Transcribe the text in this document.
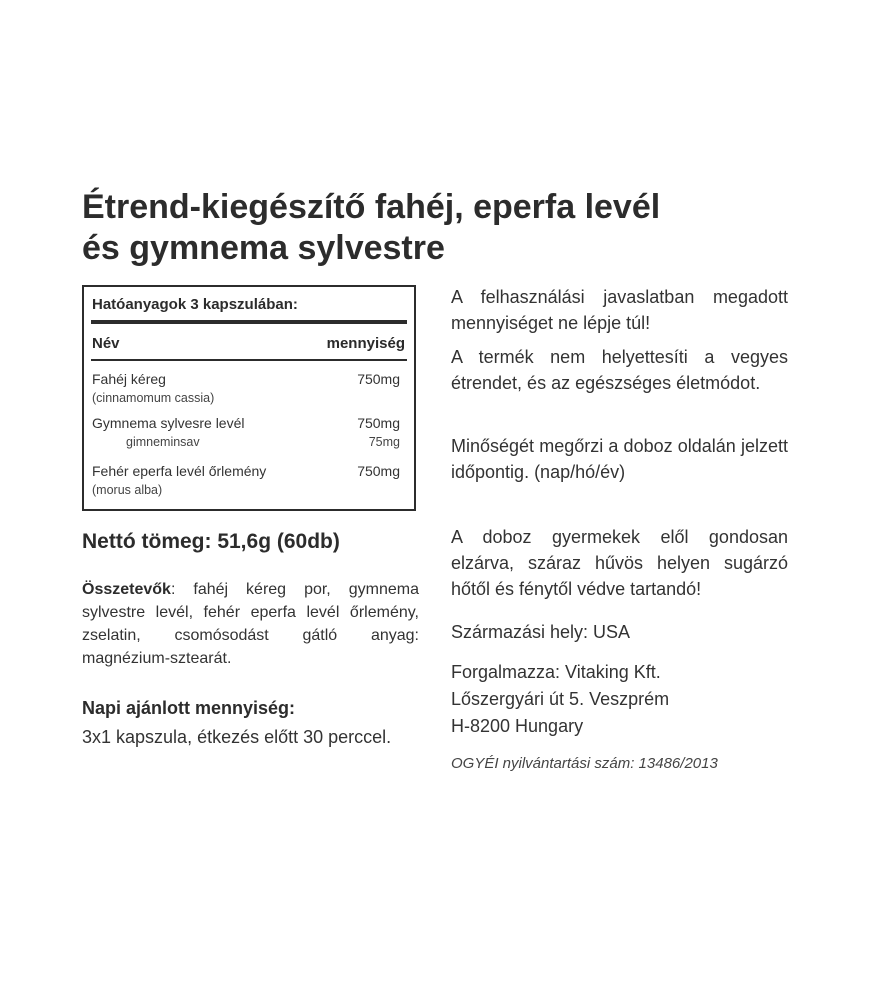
Étrend-kiegészítő fahéj, eperfa levél
és gymnema sylvestre
Hatóanyagok 3 kapszulában:
Név	mennyiség
Fahéj kéreg
(cinnamomum cassia)
750mg
Gymnema sylvesre levél
gimneminsav
750mg
75mg
Fehér eperfa levél őrlemény
(morus alba)
750mg
Nettó tömeg: 51,6g (60db)
Összetevők: fahéj kéreg por, gymnema sylvestre levél, fehér eperfa levél őrlemény, zselatin, csomósodást gátló anyag: magnézium-sztearát.
Napi ajánlott mennyiség:
3x1 kapszula, étkezés előtt 30 perccel.
A felhasználási javaslatban megadott mennyiséget ne lépje túl!
A termék nem helyettesíti a vegyes étrendet, és az egészséges életmódot.
Minőségét megőrzi a doboz oldalán jelzett időpontig. (nap/hó/év)
A doboz gyermekek elől gondosan elzárva, száraz hűvös helyen sugárzó hőtől és fénytől védve tartandó!
Származási hely: USA
Forgalmazza: Vitaking Kft.
Lőszergyári út 5. Veszprém
H-8200 Hungary
OGYÉI nyilvántartási szám: 13486/2013
